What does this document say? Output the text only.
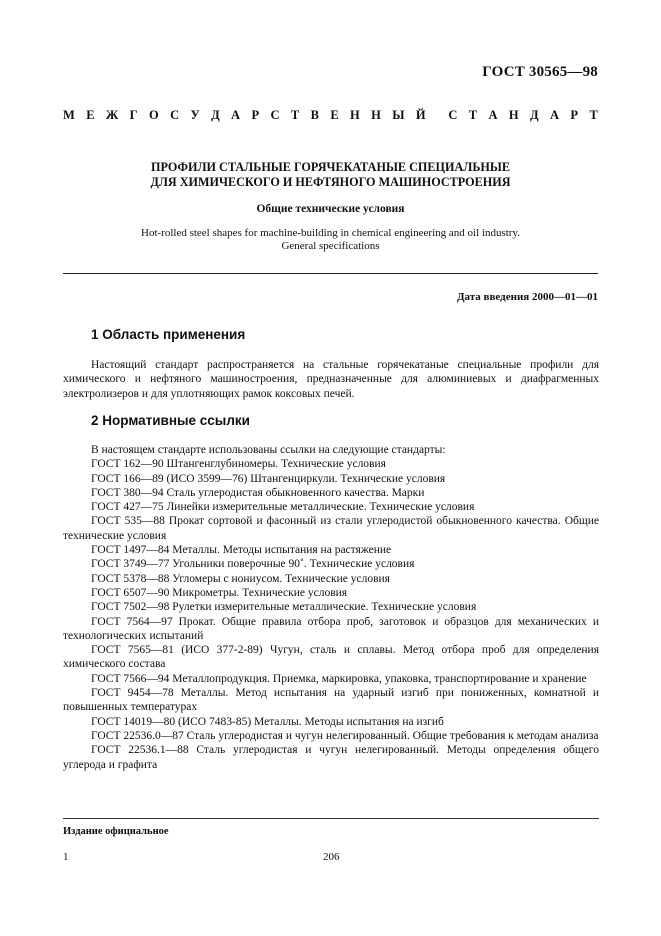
ГОСТ 30565—98
М Е Ж Г О С У Д А Р С Т В Е Н Н Ы Й С Т А Н Д А Р Т
ПРОФИЛИ СТАЛЬНЫЕ ГОРЯЧЕКАТАНЫЕ СПЕЦИАЛЬНЫЕ
ДЛЯ ХИМИЧЕСКОГО И НЕФТЯНОГО МАШИНОСТРОЕНИЯ
Общие технические условия
Hot-rolled steel shapes for machine-building in chemical engineering and oil industry.
General specifications
Дата введения 2000—01—01
1 Область применения
Настоящий стандарт распространяется на стальные горячекатаные специальные профили для химического и нефтяного машиностроения, предназначенные для алюминиевых и диафрагменных электролизеров и для уплотняющих рамок коксовых печей.
2 Нормативные ссылки
В настоящем стандарте использованы ссылки на следующие стандарты:
ГОСТ 162—90 Штангенглубиномеры. Технические условия
ГОСТ 166—89 (ИСО 3599—76) Штангенциркули. Технические условия
ГОСТ 380—94 Сталь углеродистая обыкновенного качества. Марки
ГОСТ 427—75 Линейки измерительные металлические. Технические условия
ГОСТ 535—88 Прокат сортовой и фасонный из стали углеродистой обыкновенного качества. Общие технические условия
ГОСТ 1497—84 Металлы. Методы испытания на растяжение
ГОСТ 3749—77 Угольники поверочные 90˚. Технические условия
ГОСТ 5378—88 Угломеры с нониусом. Технические условия
ГОСТ 6507—90 Микрометры. Технические условия
ГОСТ 7502—98 Рулетки измерительные металлические. Технические условия
ГОСТ 7564—97 Прокат. Общие правила отбора проб, заготовок и образцов для механических и технологических испытаний
ГОСТ 7565—81 (ИСО 377-2-89) Чугун, сталь и сплавы. Метод отбора проб для определения химического состава
ГОСТ 7566—94 Металлопродукция. Приемка, маркировка, упаковка, транспортирование и хранение
ГОСТ 9454—78 Металлы. Метод испытания на ударный изгиб при пониженных, комнатной и повышенных температурах
ГОСТ 14019—80 (ИСО 7483-85) Металлы. Методы испытания на изгиб
ГОСТ 22536.0—87 Сталь углеродистая и чугун нелегированный. Общие требования к методам анализа
ГОСТ 22536.1—88 Сталь углеродистая и чугун нелегированный. Методы определения общего углерода и графита
Издание официальное
1	206
